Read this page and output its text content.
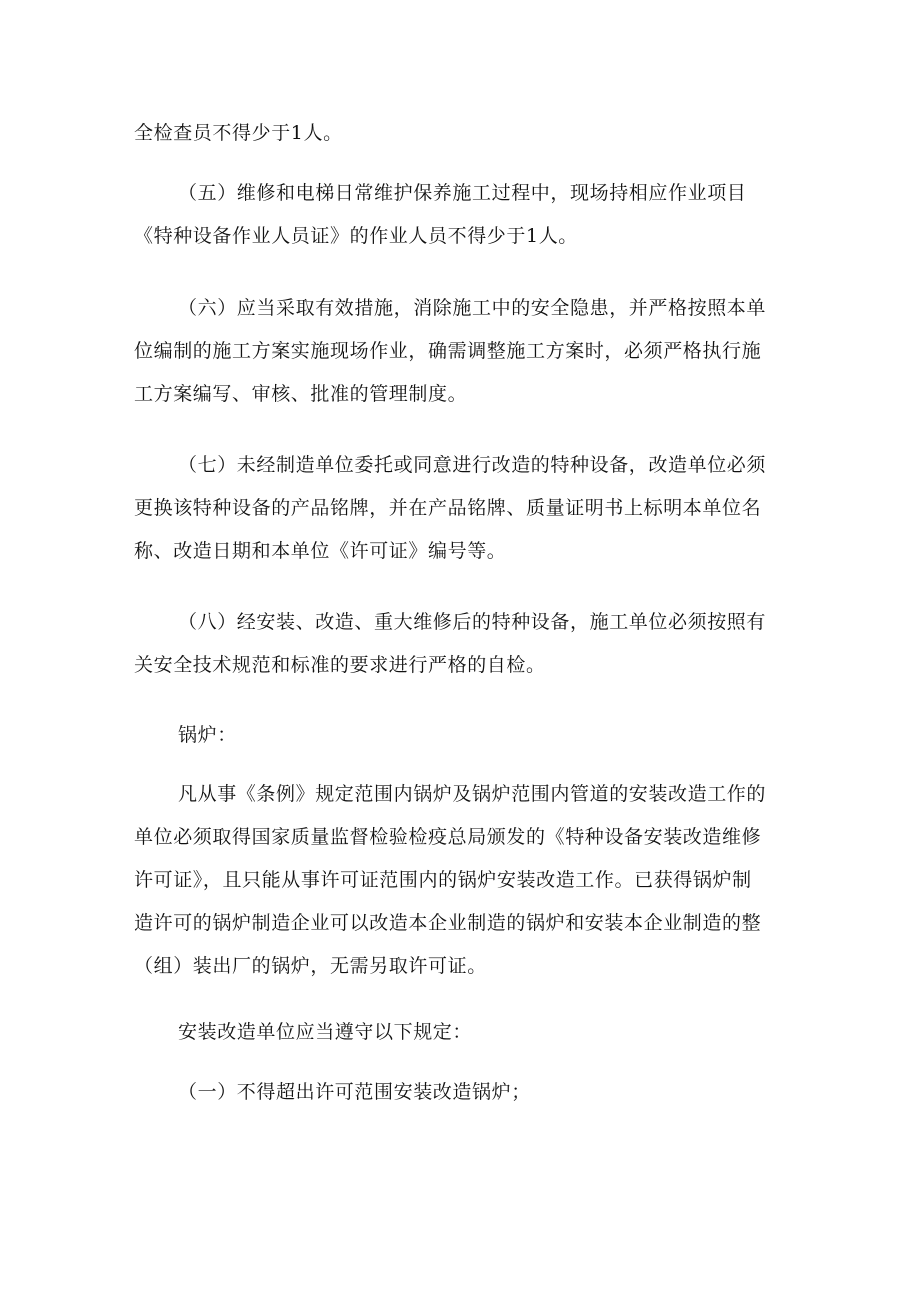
全检查员不得少于1人。

（五）维修和电梯日常维护保养施工过程中，现场持相应作业项目
《特种设备作业人员证》的作业人员不得少于1人。

（六）应当采取有效措施，消除施工中的安全隐患，并严格按照本单
位编制的施工方案实施现场作业，确需调整施工方案时，必须严格执行施
工方案编写、审核、批准的管理制度。

（七）未经制造单位委托或同意进行改造的特种设备，改造单位必须
更换该特种设备的产品铭牌，并在产品铭牌、质量证明书上标明本单位名
称、改造日期和本单位《许可证》编号等。

（八）经安装、改造、重大维修后的特种设备，施工单位必须按照有
关安全技术规范和标准的要求进行严格的自检。

锅炉：

凡从事《条例》规定范围内锅炉及锅炉范围内管道的安装改造工作的
单位必须取得国家质量监督检验检疫总局颁发的《特种设备安装改造维修
许可证》，且只能从事许可证范围内的锅炉安装改造工作。已获得锅炉制
造许可的锅炉制造企业可以改造本企业制造的锅炉和安装本企业制造的整
（组）装出厂的锅炉，无需另取许可证。

安装改造单位应当遵守以下规定：

（一）不得超出许可范围安装改造锅炉；
